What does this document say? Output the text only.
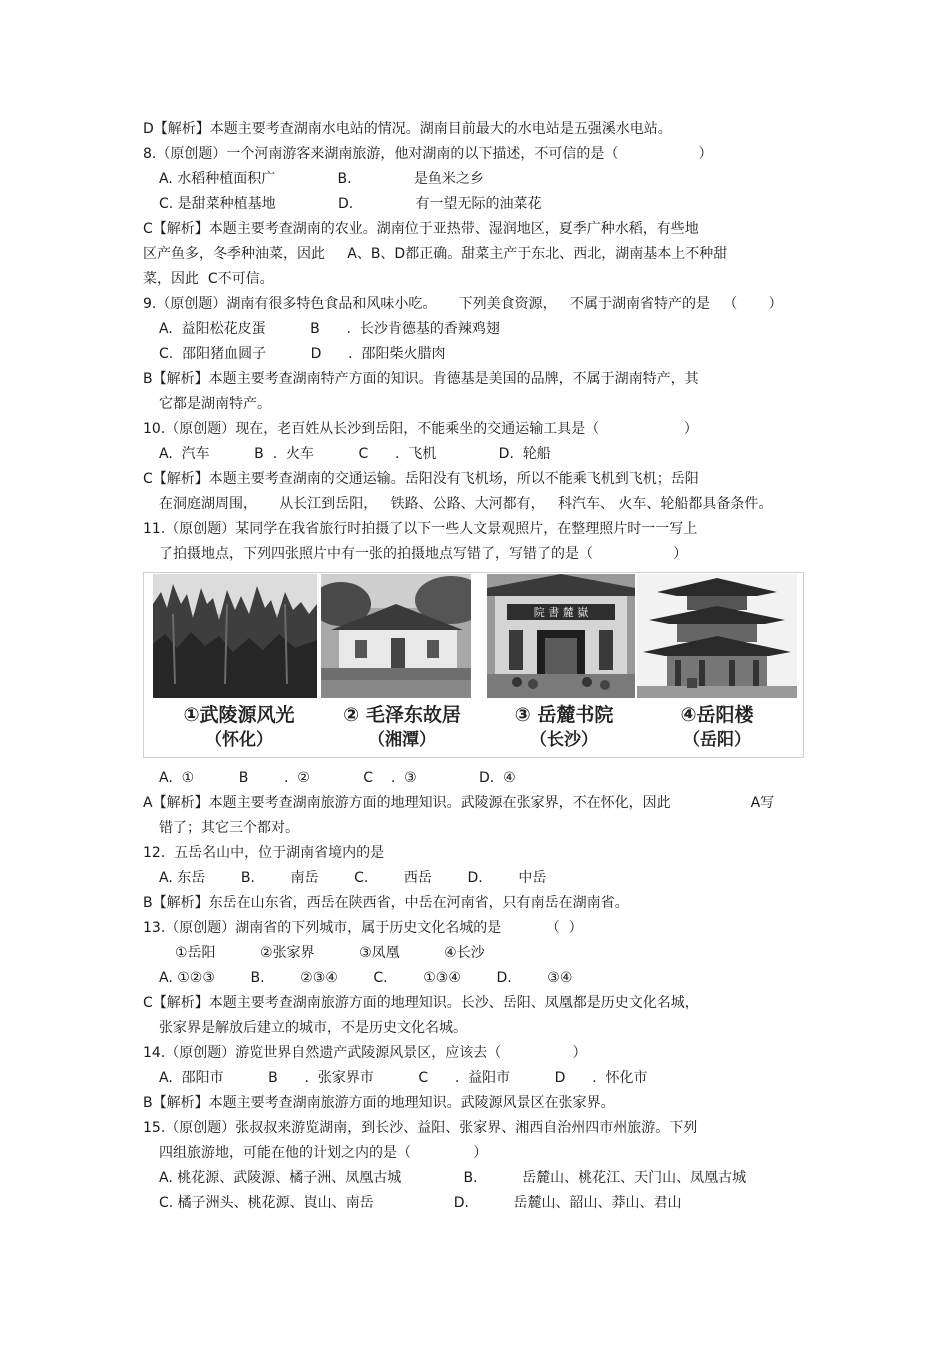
D【解析】本题主要考查湖南水电站的情况。湖南目前最大的水电站是五强溪水电站。
8.（原创题）一个河南游客来湖南旅游，他对湖南的以下描述，不可信的是（                  ）
A. 水稻种植面积广              B.              是鱼米之乡
C. 是甜菜种植基地              D.              有一望无际的油菜花
C【解析】本题主要考查湖南的农业。湖南位于亚热带、湿润地区，夏季广种水稻，有些地
区产鱼多，冬季种油菜，因此     A、B、D都正确。甜菜主产于东北、西北，湖南基本上不种甜
菜，因此  C不可信。
9.（原创题）湖南有很多特色食品和风味小吃。     下列美食资源，   不属于湖南省特产的是   （       ）
A.  益阳松花皮蛋          B      .  长沙肯德基的香辣鸡翅
C.  邵阳猪血圆子          D      .  邵阳柴火腊肉
B【解析】本题主要考查湖南特产方面的知识。肯德基是美国的品牌，不属于湖南特产，其
它都是湖南特产。
10.（原创题）现在，老百姓从长沙到岳阳，不能乘坐的交通运输工具是（                   ）
A.  汽车          B  .  火车          C      .  飞机              D.  轮船
C【解析】本题主要考查湖南的交通运输。岳阳没有飞机场，所以不能乘飞机到飞机；岳阳
在洞庭湖周围，     从长江到岳阳，   铁路、公路、大河都有，   科汽车、 火车、轮船都具备条件。
11.（原创题）某同学在我省旅行时拍摄了以下一些人文景观照片，在整理照片时一一写上
了拍摄地点，下列四张照片中有一张的拍摄地点写错了，写错了的是（                  ）
院 書 麓 嶽
①武陵源风光
（怀化）
② 毛泽东故居
（湘潭）
③ 岳麓书院
（长沙）
④岳阳楼
（岳阳）
A.  ①          B        .  ②            C    .  ③              D.  ④
A【解析】本题主要考查湖南旅游方面的地理知识。武陵源在张家界，不在怀化，因此                  A写
错了；其它三个都对。
12.  五岳名山中，位于湖南省境内的是
A. 东岳        B.        南岳        C.        西岳        D.        中岳
B【解析】东岳在山东省，西岳在陕西省，中岳在河南省，只有南岳在湖南省。
13.（原创题）湖南省的下列城市，属于历史文化名城的是          （  ）
①岳阳          ②张家界          ③凤凰          ④长沙
A. ①②③        B.        ②③④        C.        ①③④        D.        ③④
C【解析】本题主要考查湖南旅游方面的地理知识。长沙、岳阳、凤凰都是历史文化名城，
张家界是解放后建立的城市，不是历史文化名城。
14.（原创题）游览世界自然遗产武陵源风景区，应该去（                ）
A.  邵阳市          B      .  张家界市          C      .  益阳市          D      .  怀化市
B【解析】本题主要考查湖南旅游方面的地理知识。武陵源风景区在张家界。
15.（原创题）张叔叔来游览湖南，到长沙、益阳、张家界、湘西自治州四市州旅游。下列
四组旅游地，可能在他的计划之内的是（              ）
A. 桃花源、武陵源、橘子洲、凤凰古城              B.          岳麓山、桃花江、天门山、凤凰古城
C. 橘子洲头、桃花源、崀山、南岳                  D.          岳麓山、韶山、莽山、君山
